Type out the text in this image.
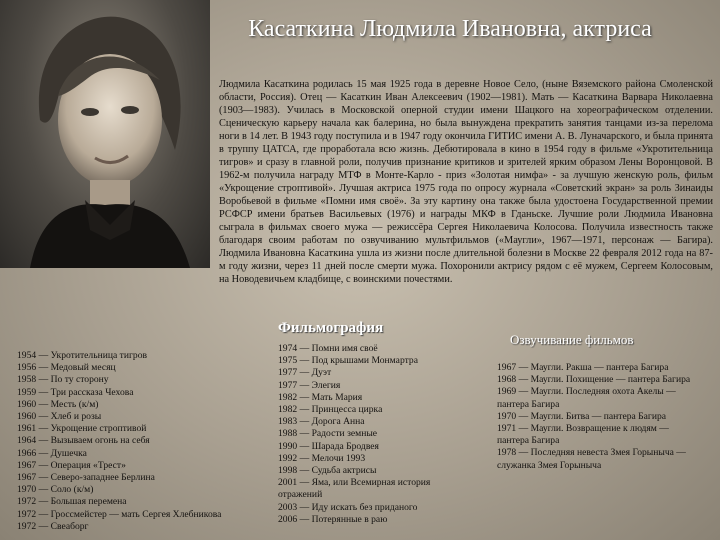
Касаткина Людмила Ивановна, актриса

Людмила Касаткина родилась 15 мая 1925 года в деревне Новое Село, (ныне Вяземского района Смоленской области, Россия). Отец — Касаткин Иван Алексеевич (1902—1981). Мать — Касаткина Варвара Николаевна (1903—1983). Училась в Московской оперной студии имени Шацкого на хореографическом отделении. Сценическую карьеру начала как балерина, но была вынуждена прекратить занятия танцами из-за перелома ноги в 14 лет. В 1943 году поступила и в 1947 году окончила ГИТИС имени А. В. Луначарского, и была принята в труппу ЦАТСА, где проработала всю жизнь. Дебютировала в кино в 1954 году в фильме «Укротительница тигров» и сразу в главной роли, получив признание критиков и зрителей ярким образом Лены Воронцовой. В 1962-м получила награду МТФ в Монте-Карло - приз «Золотая нимфа» - за лучшую женскую роль, фильм «Укрощение строптивой». Лучшая актриса 1975 года по опросу журнала «Советский экран» за роль Зинаиды Воробьевой в фильме «Помни имя своё». За эту картину она также была удостоена Государственной премии РСФСР имени братьев Васильевых (1976) и награды МКФ в Гданьске. Лучшие роли Людмила Ивановна сыграла в фильмах своего мужа — режиссёра Сергея Николаевича Колосова. Получила известность также благодаря своим работам по озвучиванию мультфильмов («Маугли», 1967—1971, персонаж — Багира). Людмила Ивановна Касаткина ушла из жизни после длительной болезни в Москве 22 февраля 2012 года на 87-м году жизни, через 11 дней после смерти мужа. Похоронили актрису рядом с её мужем, Сергеем Колосовым, на Новодевичьем кладбище, с воинскими почестями.

Фильмография
Озвучивание фильмов
1954 — Укротительница тигров
1956 — Медовый месяц
1958 — По ту сторону
1959 — Три рассказа Чехова
1960 — Месть (к/м)
1960 — Хлеб и розы
1961 — Укрощение строптивой
1964 — Вызываем огонь на себя
1966 — Душечка
1967 — Операция «Трест»
1967 — Северо-западнее Берлина
1970 — Соло (к/м)
1972 — Большая перемена
1972 — Гроссмейстер — мать Сергея Хлебникова
1972 — Свеаборг
1974 — Помни имя своё
1975 — Под крышами Монмартра
1977 — Дуэт
1977 — Элегия
1982 — Мать Мария
1982 — Принцесса цирка
1983 — Дорога Анна
1988 — Радости земные
1990 — Шарада Бродвея
1992 — Мелочи 1993
1998 — Судьба актрисы
2001 — Яма, или Всемирная история отражений
2003 — Иду искать без приданого
2006 — Потерянные в раю
1967 — Маугли. Ракша — пантера Багира
1968 — Маугли. Похищение — пантера Багира
1969 — Маугли. Последняя охота Акелы — пантера Багира
1970 — Маугли. Битва — пантера Багира
1971 — Маугли. Возвращение к людям — пантера Багира
1978 — Последняя невеста Змея Горыныча — служанка Змея Горыныча
